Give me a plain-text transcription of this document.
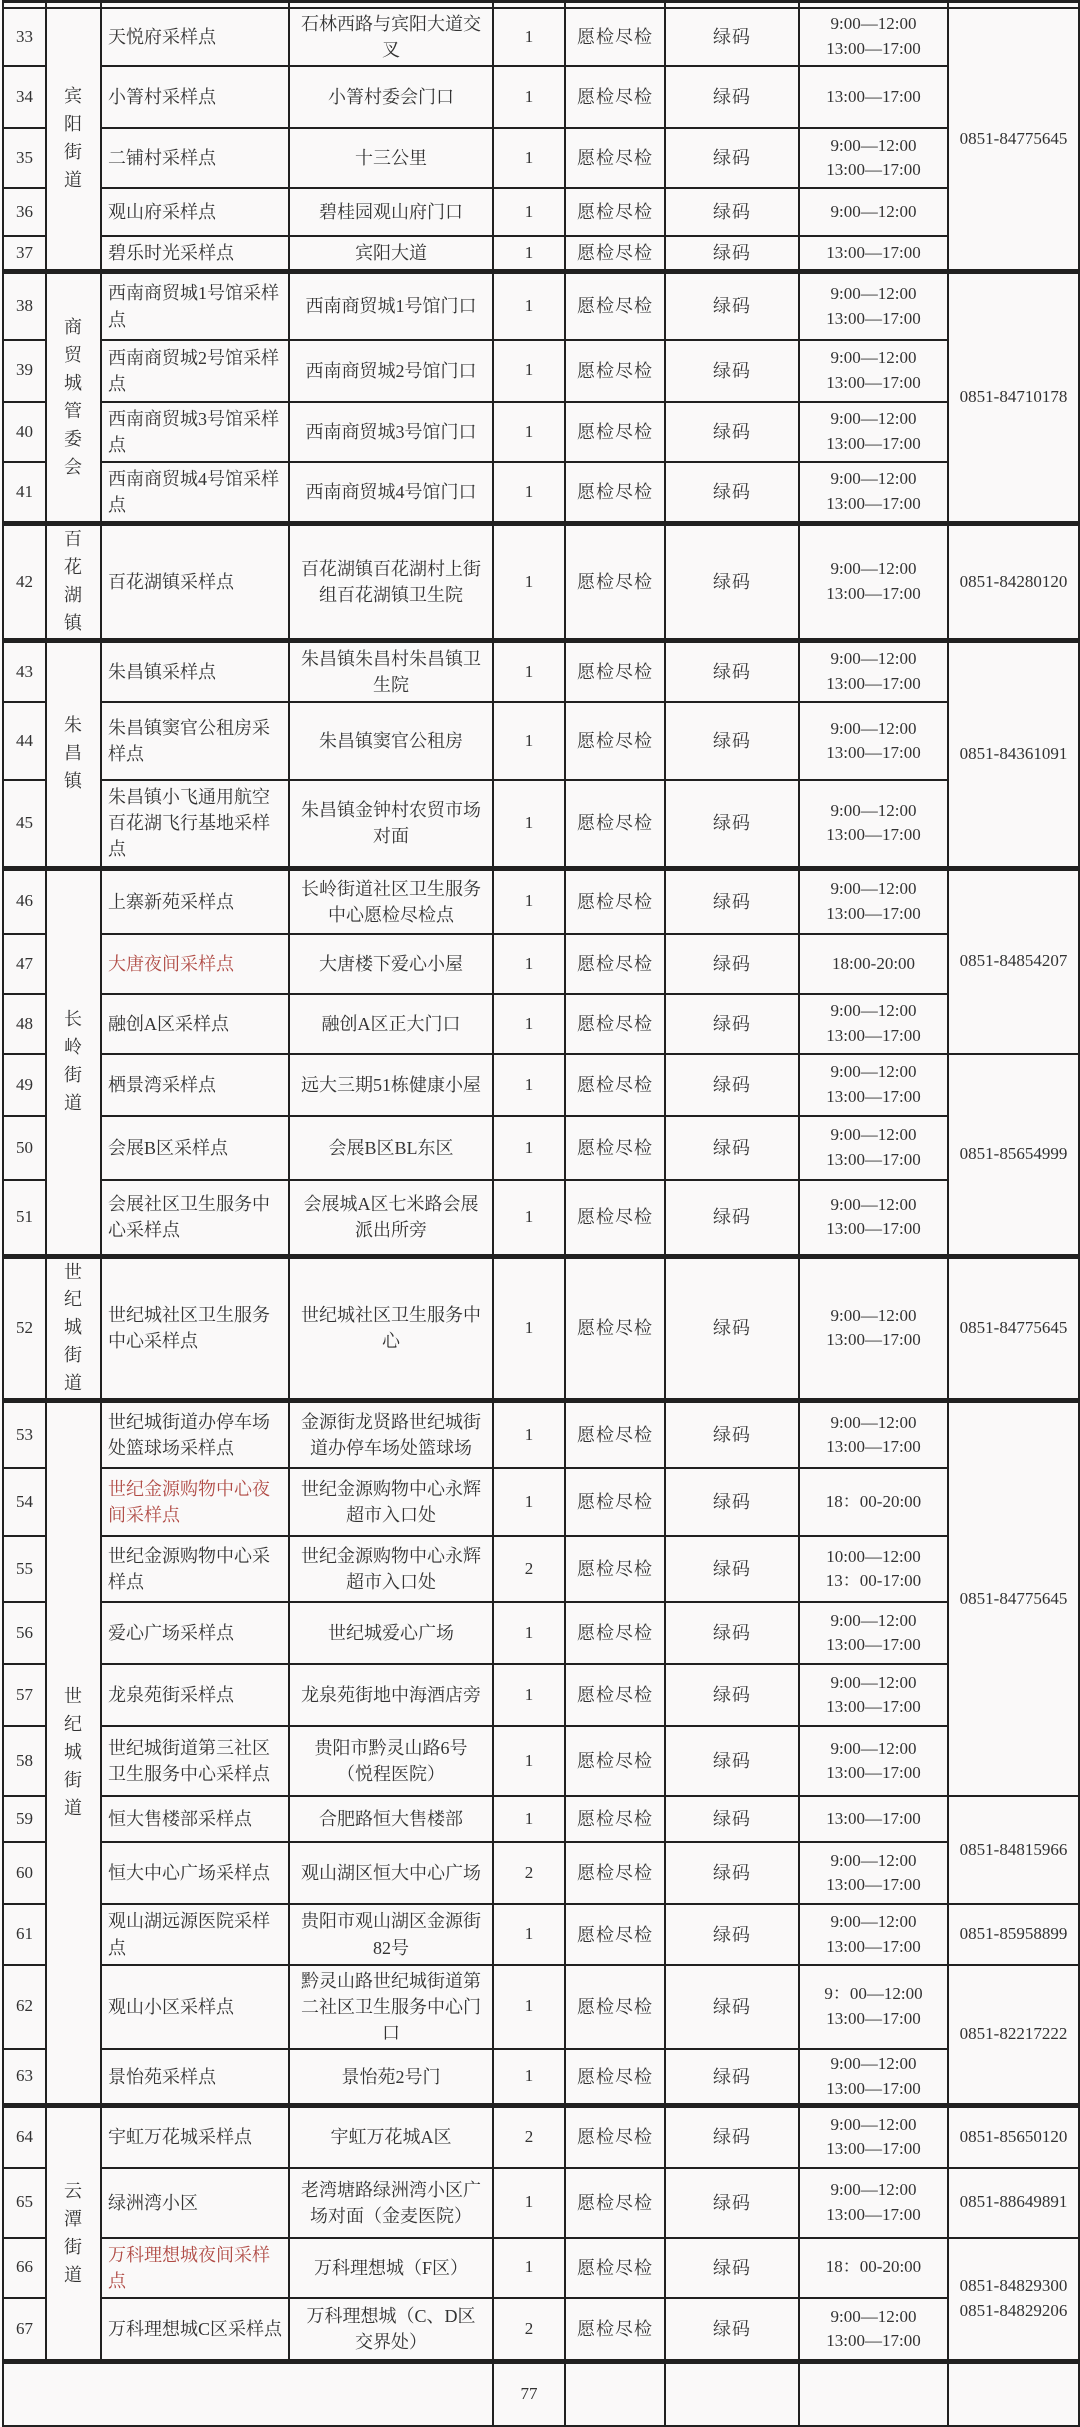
33	宾阳街道	天悦府采样点	石林西路与宾阳大道交叉	1	愿检尽检	绿码	9:00—12:00
13:00—17:00	0851-84775645

34		小箐村采样点	小箐村委会门口	1	愿检尽检	绿码	13:00—17:00	

35		二铺村采样点	十三公里	1	愿检尽检	绿码	9:00—12:00
13:00—17:00	

36		观山府采样点	碧桂园观山府门口	1	愿检尽检	绿码	9:00—12:00	

37		碧乐时光采样点	宾阳大道	1	愿检尽检	绿码	13:00—17:00	

38	商贸城管委会	西南商贸城1号馆采样点	西南商贸城1号馆门口	1	愿检尽检	绿码	9:00—12:00
13:00—17:00	0851-84710178

39		西南商贸城2号馆采样点	西南商贸城2号馆门口	1	愿检尽检	绿码	9:00—12:00
13:00—17:00	

40		西南商贸城3号馆采样点	西南商贸城3号馆门口	1	愿检尽检	绿码	9:00—12:00
13:00—17:00	

41		西南商贸城4号馆采样点	西南商贸城4号馆门口	1	愿检尽检	绿码	9:00—12:00
13:00—17:00	

42	百花湖镇	百花湖镇采样点	百花湖镇百花湖村上街组百花湖镇卫生院	1	愿检尽检	绿码	9:00—12:00
13:00—17:00	0851-84280120

43	朱昌镇	朱昌镇采样点	朱昌镇朱昌村朱昌镇卫生院	1	愿检尽检	绿码	9:00—12:00
13:00—17:00	0851-84361091

44		朱昌镇窦官公租房采样点	朱昌镇窦官公租房	1	愿检尽检	绿码	9:00—12:00
13:00—17:00	

45		朱昌镇小飞通用航空百花湖飞行基地采样点	朱昌镇金钟村农贸市场对面	1	愿检尽检	绿码	9:00—12:00
13:00—17:00	

46	长岭街道	上寨新苑采样点	长岭街道社区卫生服务中心愿检尽检点	1	愿检尽检	绿码	9:00—12:00
13:00—17:00	0851-84854207

47		大唐夜间采样点	大唐楼下爱心小屋	1	愿检尽检	绿码	18:00-20:00	

48		融创A区采样点	融创A区正大门口	1	愿检尽检	绿码	9:00—12:00
13:00—17:00	

49		栖景湾采样点	远大三期51栋健康小屋	1	愿检尽检	绿码	9:00—12:00
13:00—17:00	0851-85654999

50		会展B区采样点	会展B区BL东区	1	愿检尽检	绿码	9:00—12:00
13:00—17:00	

51		会展社区卫生服务中心采样点	会展城A区七米路会展派出所旁	1	愿检尽检	绿码	9:00—12:00
13:00—17:00	

52	世纪城街道	世纪城社区卫生服务中心采样点	世纪城社区卫生服务中心	1	愿检尽检	绿码	9:00—12:00
13:00—17:00	0851-84775645

53	世纪城街道	世纪城街道办停车场处篮球场采样点	金源街龙贤路世纪城街道办停车场处篮球场	1	愿检尽检	绿码	9:00—12:00
13:00—17:00	0851-84775645

54		世纪金源购物中心夜间采样点	世纪金源购物中心永辉超市入口处	1	愿检尽检	绿码	18：00-20:00	

55		世纪金源购物中心采样点	世纪金源购物中心永辉超市入口处	2	愿检尽检	绿码	10:00—12:00
13：00-17:00	

56		爱心广场采样点	世纪城爱心广场	1	愿检尽检	绿码	9:00—12:00
13:00—17:00	

57		龙泉苑街采样点	龙泉苑街地中海酒店旁	1	愿检尽检	绿码	9:00—12:00
13:00—17:00	

58		世纪城街道第三社区卫生服务中心采样点	贵阳市黔灵山路6号（悦程医院）	1	愿检尽检	绿码	9:00—12:00
13:00—17:00	

59		恒大售楼部采样点	合肥路恒大售楼部	1	愿检尽检	绿码	13:00—17:00	0851-84815966

60		恒大中心广场采样点	观山湖区恒大中心广场	2	愿检尽检	绿码	9:00—12:00
13:00—17:00	

61		观山湖远源医院采样点	贵阳市观山湖区金源街82号	1	愿检尽检	绿码	9:00—12:00
13:00—17:00	0851-85958899

62		观山小区采样点	黔灵山路世纪城街道第二社区卫生服务中心门口	1	愿检尽检	绿码	9：00—12:00
13:00—17:00	0851-82217222

63		景怡苑采样点	景怡苑2号门	1	愿检尽检	绿码	9:00—12:00
13:00—17:00	

64	云潭街道	宇虹万花城采样点	宇虹万花城A区	2	愿检尽检	绿码	9:00—12:00
13:00—17:00	0851-85650120

65		绿洲湾小区	老湾塘路绿洲湾小区广场对面（金麦医院）	1	愿检尽检	绿码	9:00—12:00
13:00—17:00	0851-88649891

66		万科理想城夜间采样点	万科理想城（F区）	1	愿检尽检	绿码	18：00-20:00	0851-84829300
0851-84829206

67		万科理想城C区采样点	万科理想城（C、D区交界处）	2	愿检尽检	绿码	9:00—12:00
13:00—17:00	

				77				
